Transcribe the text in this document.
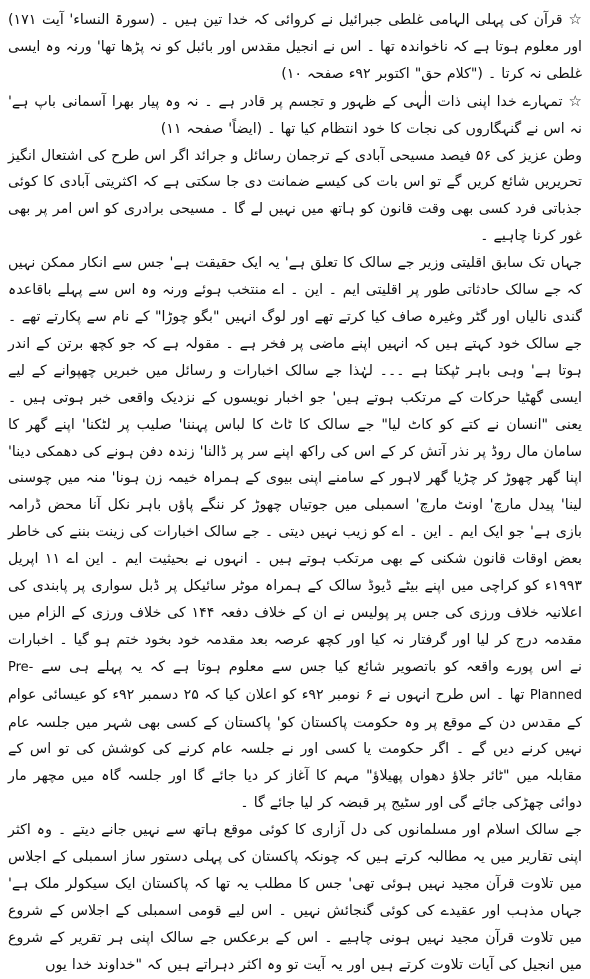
☆قرآن کی پہلی الہامی غلطی جبرائیل نے کروائی کہ خدا تین ہیں ۔ (سورۃ النساء' آیت ۱۷۱) اور معلوم ہوتا ہے کہ ناخواندہ تھا ۔ اس نے انجیل مقدس اور بائبل کو نہ پڑھا تھا' ورنہ وہ ایسی غلطی نہ کرتا ۔ ("کلام حق" اکتوبر ۹۲ء صفحہ ۱۰)

☆تمہارے خدا اپنی ذات الٰہی کے ظہور و تجسم پر قادر ہے ۔ نہ وہ پیار بھرا آسمانی باپ ہے' نہ اس نے گنہگاروں کی نجات کا خود انتظام کیا تھا ۔ (ایضاً' صفحہ ۱۱)

وطن عزیز کی ۵۶ فیصد مسیحی آبادی کے ترجمان رسائل و جرائد اگر اس طرح کی اشتعال انگیز تحریریں شائع کریں گے تو اس بات کی کیسے ضمانت دی جا سکتی ہے کہ اکثریتی آبادی کا کوئی جذباتی فرد کسی بھی وقت قانون کو ہاتھ میں نہیں لے گا ۔ مسیحی برادری کو اس امر پر بھی غور کرنا چاہیے ۔

جہاں تک سابق اقلیتی وزیر جے سالک کا تعلق ہے' یہ ایک حقیقت ہے' جس سے انکار ممکن نہیں کہ جے سالک حادثاتی طور پر اقلیتی ایم ۔ این ۔ اے منتخب ہوئے ورنہ وہ اس سے پہلے باقاعدہ گندی نالیاں اور گٹر وغیرہ صاف کیا کرتے تھے اور لوگ انہیں "بگو چوڑا" کے نام سے پکارتے تھے ۔ جے سالک خود کہتے ہیں کہ انہیں اپنے ماضی پر فخر ہے ۔ مقولہ ہے کہ جو کچھ برتن کے اندر ہوتا ہے' وہی باہر ٹپکتا ہے ۔۔۔ لہٰذا جے سالک اخبارات و رسائل میں خبریں چھپوانے کے لیے ایسی گھٹیا حرکات کے مرتکب ہوتے ہیں' جو اخبار نویسوں کے نزدیک واقعی خبر ہوتی ہیں ۔ یعنی "انسان نے کتے کو کاٹ لیا" جے سالک کا ٹاٹ کا لباس پہننا' صلیب پر لٹکنا' اپنے گھر کا سامان مال روڈ پر نذر آتش کر کے اس کی راکھ اپنے سر پر ڈالنا' زندہ دفن ہونے کی دھمکی دینا' اپنا گھر چھوڑ کر چڑیا گھر لاہور کے سامنے اپنی بیوی کے ہمراہ خیمہ زن ہونا' منہ میں چوسنی لینا' پیدل مارچ' اونٹ مارچ' اسمبلی میں جوتیاں چھوڑ کر ننگے پاؤں باہر نکل آنا محض ڈرامہ بازی ہے' جو ایک ایم ۔ این ۔ اے کو زیب نہیں دیتی ۔ جے سالک اخبارات کی زینت بننے کی خاطر بعض اوقات قانون شکنی کے بھی مرتکب ہوتے ہیں ۔ انہوں نے بحیثیت ایم ۔ این اے ۱۱ اپریل ۱۹۹۳ء کو کراچی میں اپنے بیٹے ڈیوڈ سالک کے ہمراہ موٹر سائیکل پر ڈبل سواری پر پابندی کی اعلانیہ خلاف ورزی کی جس پر پولیس نے ان کے خلاف دفعہ ۱۴۴ کی خلاف ورزی کے الزام میں مقدمہ درج کر لیا اور گرفتار نہ کیا اور کچھ عرصہ بعد مقدمہ خود بخود ختم ہو گیا ۔ اخبارات نے اس پورے واقعہ کو باتصویر شائع کیا جس سے معلوم ہوتا ہے کہ یہ پہلے ہی سے Pre-Planned تھا ۔ اس طرح انہوں نے ۶ نومبر ۹۲ء کو اعلان کیا کہ ۲۵ دسمبر ۹۲ء کو عیسائی عوام کے مقدس دن کے موقع پر وہ حکومت پاکستان کو' پاکستان کے کسی بھی شہر میں جلسہ عام نہیں کرنے دیں گے ۔ اگر حکومت یا کسی اور نے جلسہ عام کرنے کی کوشش کی تو اس کے مقابلہ میں "ٹائر جلاؤ دھواں پھیلاؤ" مہم کا آغاز کر دیا جائے گا اور جلسہ گاہ میں مچھر مار دوائی چھڑکی جائے گی اور سٹیج پر قبضہ کر لیا جائے گا ۔

جے سالک اسلام اور مسلمانوں کی دل آزاری کا کوئی موقع ہاتھ سے نہیں جانے دیتے ۔ وہ اکثر اپنی تقاریر میں یہ مطالبہ کرتے ہیں کہ چونکہ پاکستان کی پہلی دستور ساز اسمبلی کے اجلاس میں تلاوت قرآن مجید نہیں ہوئی تھی' جس کا مطلب یہ تھا کہ پاکستان ایک سیکولر ملک ہے' جہاں مذہب اور عقیدے کی کوئی گنجائش نہیں ۔ اس لیے قومی اسمبلی کے اجلاس کے شروع میں تلاوت قرآن مجید نہیں ہونی چاہیے ۔ اس کے برعکس جے سالک اپنی ہر تقریر کے شروع میں انجیل کی آیات تلاوت کرتے ہیں اور یہ آیت تو وہ اکثر دہراتے ہیں کہ "خداوند خدا یوں
